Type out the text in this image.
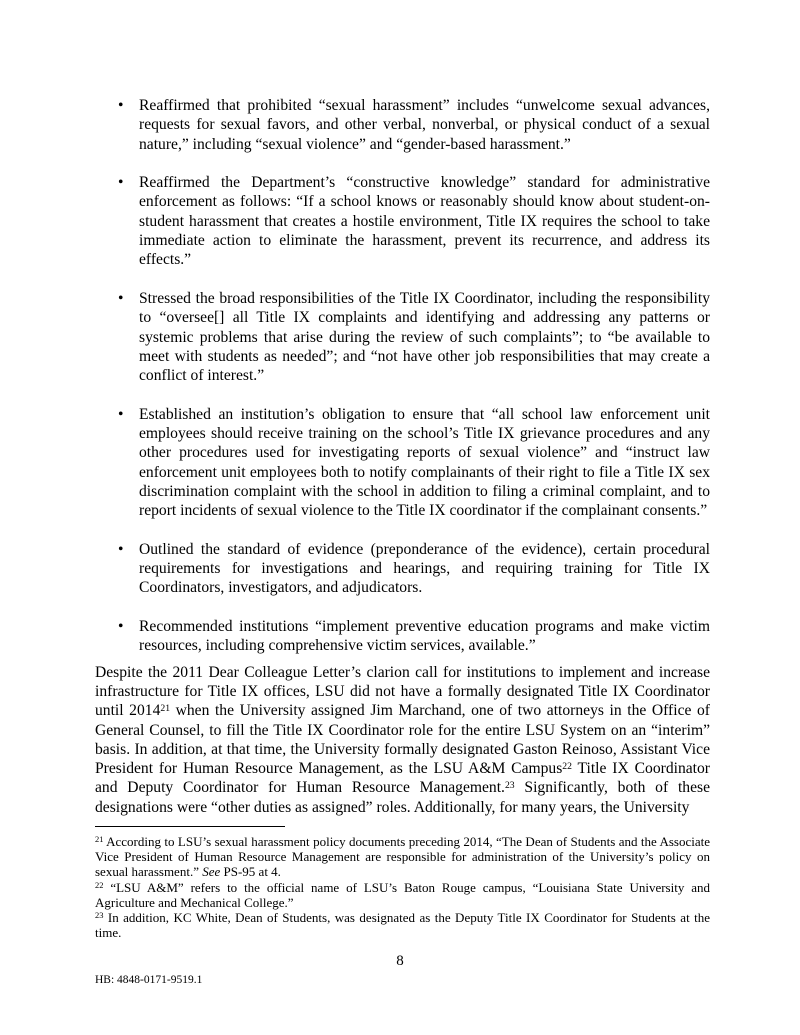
• Reaffirmed that prohibited “sexual harassment” includes “unwelcome sexual advances, requests for sexual favors, and other verbal, nonverbal, or physical conduct of a sexual nature,” including “sexual violence” and “gender-based harassment.”
• Reaffirmed the Department’s “constructive knowledge” standard for administrative enforcement as follows: “If a school knows or reasonably should know about student-on-student harassment that creates a hostile environment, Title IX requires the school to take immediate action to eliminate the harassment, prevent its recurrence, and address its effects.”
• Stressed the broad responsibilities of the Title IX Coordinator, including the responsibility to “oversee[] all Title IX complaints and identifying and addressing any patterns or systemic problems that arise during the review of such complaints”; to “be available to meet with students as needed”; and “not have other job responsibilities that may create a conflict of interest.”
• Established an institution’s obligation to ensure that “all school law enforcement unit employees should receive training on the school’s Title IX grievance procedures and any other procedures used for investigating reports of sexual violence” and “instruct law enforcement unit employees both to notify complainants of their right to file a Title IX sex discrimination complaint with the school in addition to filing a criminal complaint, and to report incidents of sexual violence to the Title IX coordinator if the complainant consents.”
• Outlined the standard of evidence (preponderance of the evidence), certain procedural requirements for investigations and hearings, and requiring training for Title IX Coordinators, investigators, and adjudicators.
• Recommended institutions “implement preventive education programs and make victim resources, including comprehensive victim services, available.”

Despite the 2011 Dear Colleague Letter’s clarion call for institutions to implement and increase infrastructure for Title IX offices, LSU did not have a formally designated Title IX Coordinator until 2014$^{21}$ when the University assigned Jim Marchand, one of two attorneys in the Office of General Counsel, to fill the Title IX Coordinator role for the entire LSU System on an “interim” basis. In addition, at that time, the University formally designated Gaston Reinoso, Assistant Vice President for Human Resource Management, as the LSU A&M Campus$^{22}$ Title IX Coordinator and Deputy Coordinator for Human Resource Management.$^{23}$ Significantly, both of these designations were “other duties as assigned” roles. Additionally, for many years, the University

$^{21}$ According to LSU’s sexual harassment policy documents preceding 2014, “The Dean of Students and the Associate Vice President of Human Resource Management are responsible for administration of the University’s policy on sexual harassment.” See PS-95 at 4.

$^{22}$ “LSU A&M” refers to the official name of LSU’s Baton Rouge campus, “Louisiana State University and Agriculture and Mechanical College.”

$^{23}$ In addition, KC White, Dean of Students, was designated as the Deputy Title IX Coordinator for Students at the time.

8
HB: 4848-0171-9519.1
